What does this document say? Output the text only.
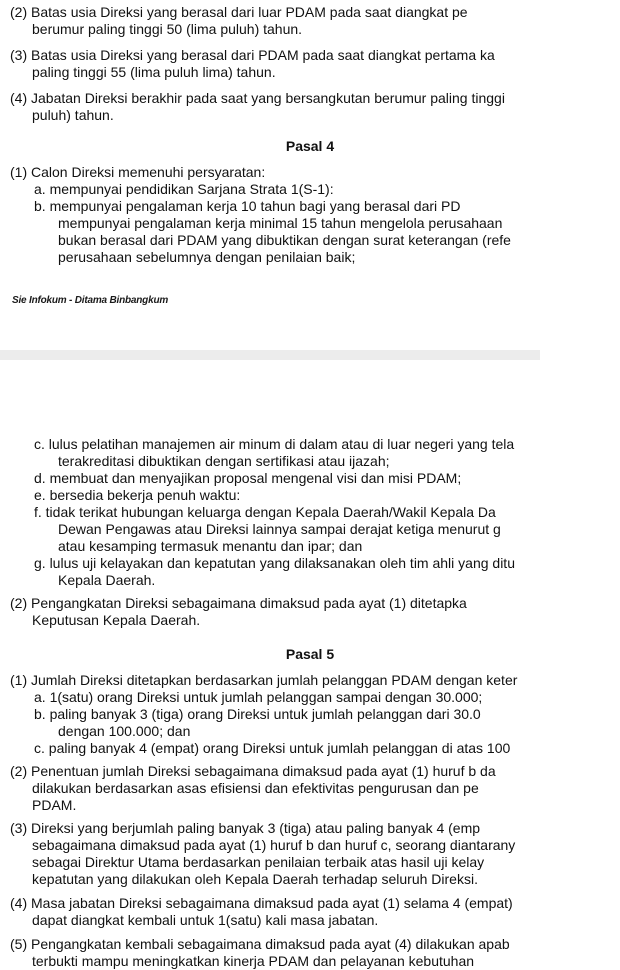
(2) Batas usia Direksi yang berasal dari luar PDAM pada saat diangkat pe
berumur paling tinggi 50 (lima puluh) tahun.
(3) Batas usia Direksi yang berasal dari PDAM pada saat diangkat pertama ka
paling tinggi 55 (lima puluh lima) tahun.
(4) Jabatan Direksi berakhir pada saat yang bersangkutan berumur paling tinggi
puluh) tahun.
Pasal 4
(1) Calon Direksi memenuhi persyaratan:
a. mempunyai pendidikan Sarjana Strata 1(S-1):
b. mempunyai pengalaman kerja 10 tahun bagi yang berasal dari PD
mempunyai pengalaman kerja minimal 15 tahun mengelola perusahaan
bukan berasal dari PDAM yang dibuktikan dengan surat keterangan (refe
perusahaan sebelumnya dengan penilaian baik;
Sie Infokum - Ditama Binbangkum
c. lulus pelatihan manajemen air minum di dalam atau di luar negeri yang tela
terakreditasi dibuktikan dengan sertifikasi atau ijazah;
d. membuat dan menyajikan proposal mengenal visi dan misi PDAM;
e. bersedia bekerja penuh waktu:
f. tidak terikat hubungan keluarga dengan Kepala Daerah/Wakil Kepala Da
Dewan Pengawas atau Direksi lainnya sampai derajat ketiga menurut g
atau kesamping termasuk menantu dan ipar; dan
g. lulus uji kelayakan dan kepatutan yang dilaksanakan oleh tim ahli yang ditu
Kepala Daerah.
(2) Pengangkatan Direksi sebagaimana dimaksud pada ayat (1) ditetapka
Keputusan Kepala Daerah.
Pasal 5
(1) Jumlah Direksi ditetapkan berdasarkan jumlah pelanggan PDAM dengan keter
a. 1(satu) orang Direksi untuk jumlah pelanggan sampai dengan 30.000;
b. paling banyak 3 (tiga) orang Direksi untuk jumlah pelanggan dari 30.0
dengan 100.000; dan
c. paling banyak 4 (empat) orang Direksi untuk jumlah pelanggan di atas 100
(2) Penentuan jumlah Direksi sebagaimana dimaksud pada ayat (1) huruf b da
dilakukan berdasarkan asas efisiensi dan efektivitas pengurusan dan pe
PDAM.
(3) Direksi yang berjumlah paling banyak 3 (tiga) atau paling banyak 4 (emp
sebagaimana dimaksud pada ayat (1) huruf b dan huruf c, seorang diantarany
sebagai Direktur Utama berdasarkan penilaian terbaik atas hasil uji kelay
kepatutan yang dilakukan oleh Kepala Daerah terhadap seluruh Direksi.
(4) Masa jabatan Direksi sebagaimana dimaksud pada ayat (1) selama 4 (empat)
dapat diangkat kembali untuk 1(satu) kali masa jabatan.
(5) Pengangkatan kembali sebagaimana dimaksud pada ayat (4) dilakukan apab
terbukti mampu meningkatkan kinerja PDAM dan pelayanan kebutuhan
